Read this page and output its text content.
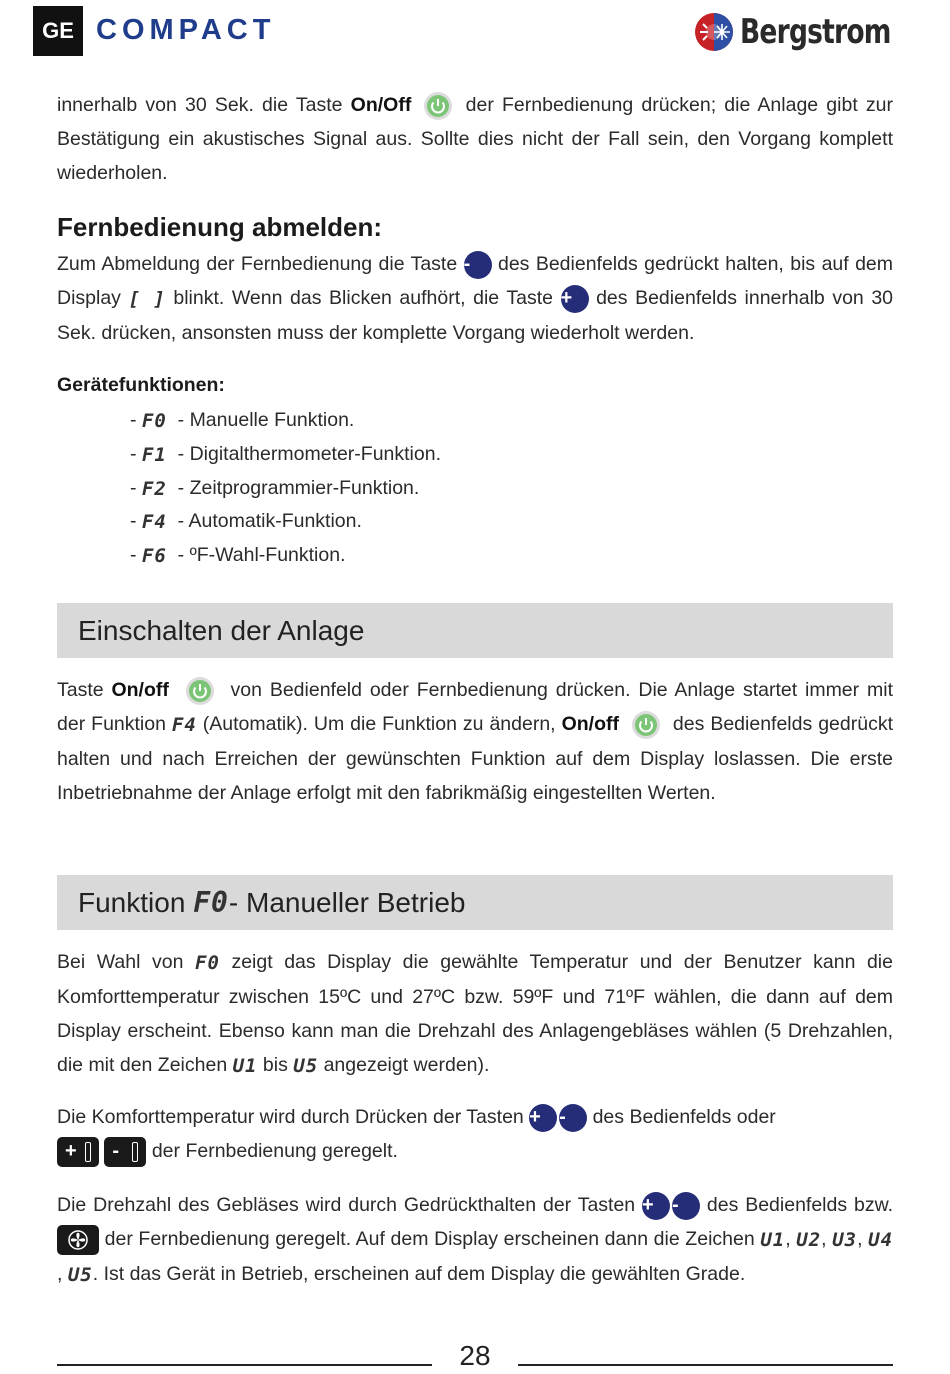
GE COMPACT	Bergstrom
innerhalb von 30 Sek. die Taste On/Off	der Fernbedienung drücken; die Anlage gibt zur Bestätigung ein akustisches Signal aus. Sollte dies nicht der Fall sein, den Vorgang komplett wiederholen.
Fernbedienung abmelden:
Zum Abmeldung der Fernbedienung die Taste - des Bedienfelds gedrückt halten, bis auf dem Display [ ] blinkt. Wenn das Blicken aufhört, die Taste + des Bedienfelds innerhalb von 30 Sek. drücken, ansonsten muss der komplette Vorgang wiederholt werden.
Gerätefunktionen:
- F0 - Manuelle Funktion.
- F1 - Digitalthermometer-Funktion.
- F2 - Zeitprogrammier-Funktion.
- F4 - Automatik-Funktion.
- F6 - ºF-Wahl-Funktion.
Einschalten der Anlage
Taste On/off	von Bedienfeld oder Fernbedienung drücken. Die Anlage startet immer mit der Funktion F4 (Automatik). Um die Funktion zu ändern, On/off	des Bedienfelds gedrückt halten und nach Erreichen der gewünschten Funktion auf dem Display loslassen. Die erste Inbetriebnahme der Anlage erfolgt mit den fabrikmäßig eingestellten Werten.
Funktion
F0 - Manueller Betrieb
Bei Wahl von F0 zeigt das Display die gewählte Temperatur und der Benutzer kann die Komforttemperatur zwischen 15ºC und 27ºC bzw. 59ºF und 71ºF wählen, die dann auf dem Display erscheint. Ebenso kann man die Drehzahl des Anlagengebläses wählen (5 Drehzahlen, die mit den Zeichen U1 bis U5 angezeigt werden).
Die Komforttemperatur wird durch Drücken der Tasten + - des Bedienfelds oder
+ -
der Fernbedienung geregelt.
Die Drehzahl des Gebläses wird durch Gedrückthalten der Tasten + - des Bedienfelds bzw.  der Fernbedienung geregelt. Auf dem Display erscheinen dann die Zeichen U1, U2, U3, U4, U5. Ist das Gerät in Betrieb, erscheinen auf dem Display die gewählten Grade.
28
